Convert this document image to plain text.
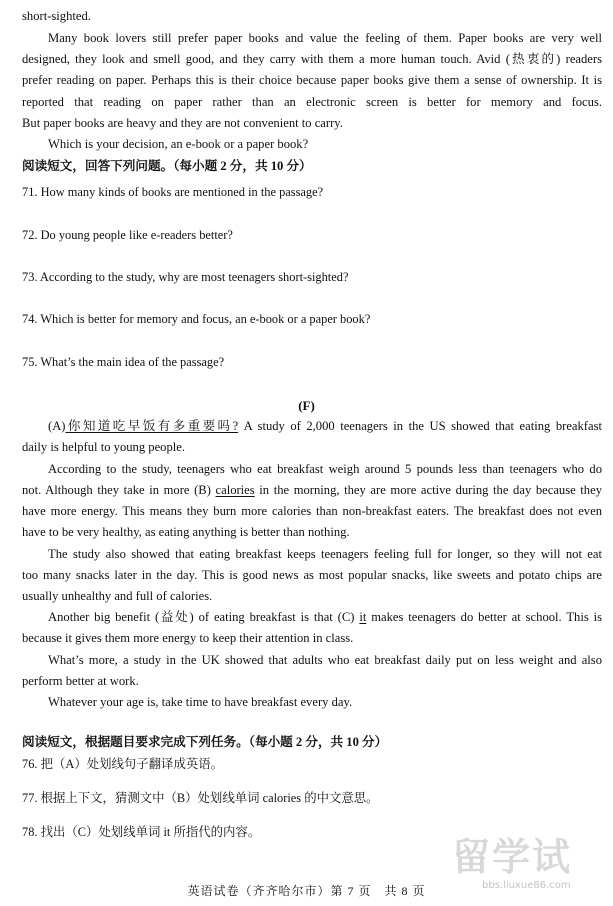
short-sighted.
Many book lovers still prefer paper books and value the feeling of them. Paper books are very well
designed, they look and smell good, and they carry with them a more human touch. Avid (热衷的) readers
prefer reading on paper. Perhaps this is their choice because paper books give them a sense of ownership. It is
reported that reading on paper rather than an electronic screen is better for memory and focus.
But paper books are heavy and they are not convenient to carry.
Which is your decision, an e-book or a paper book?
阅读短文，回答下列问题。（每小题 2 分，共 10 分）
71. How many kinds of books are mentioned in the passage?
72. Do young people like e-readers better?
73. According to the study, why are most teenagers short-sighted?
74. Which is better for memory and focus, an e-book or a paper book?
75. What’s the main idea of the passage?
(F)
(A)你知道吃早饭有多重要吗? A study of 2,000 teenagers in the US showed that eating breakfast
daily is helpful to young people.
According to the study, teenagers who eat breakfast weigh around 5 pounds less than teenagers who do
not. Although they take in more (B) calories in the morning, they are more active during the day because they
have more energy. This means they burn more calories than non-breakfast eaters. The breakfast does not even
have to be very healthy, as eating anything is better than nothing.
The study also showed that eating breakfast keeps teenagers feeling full for longer, so they will not eat
too many snacks later in the day. This is good news as most popular snacks, like sweets and potato chips are
usually unhealthy and full of calories.
Another big benefit (益处) of eating breakfast is that (C) it makes teenagers do better at school. This is
because it gives them more energy to keep their attention in class.
What’s more, a study in the UK showed that adults who eat breakfast daily put on less weight and also
perform better at work.
Whatever your age is, take time to have breakfast every day.
阅读短文，根据题目要求完成下列任务。（每小题 2 分，共 10 分）
76. 把（A）处划线句子翻译成英语。
77. 根据上下文，猜测文中（B）处划线单词 calories 的中文意思。
78. 找出（C）处划线单词 it 所指代的内容。
英语试卷（齐齐哈尔市）第 7 页　共 8 页
留学试
bbs.liuxue86.com
